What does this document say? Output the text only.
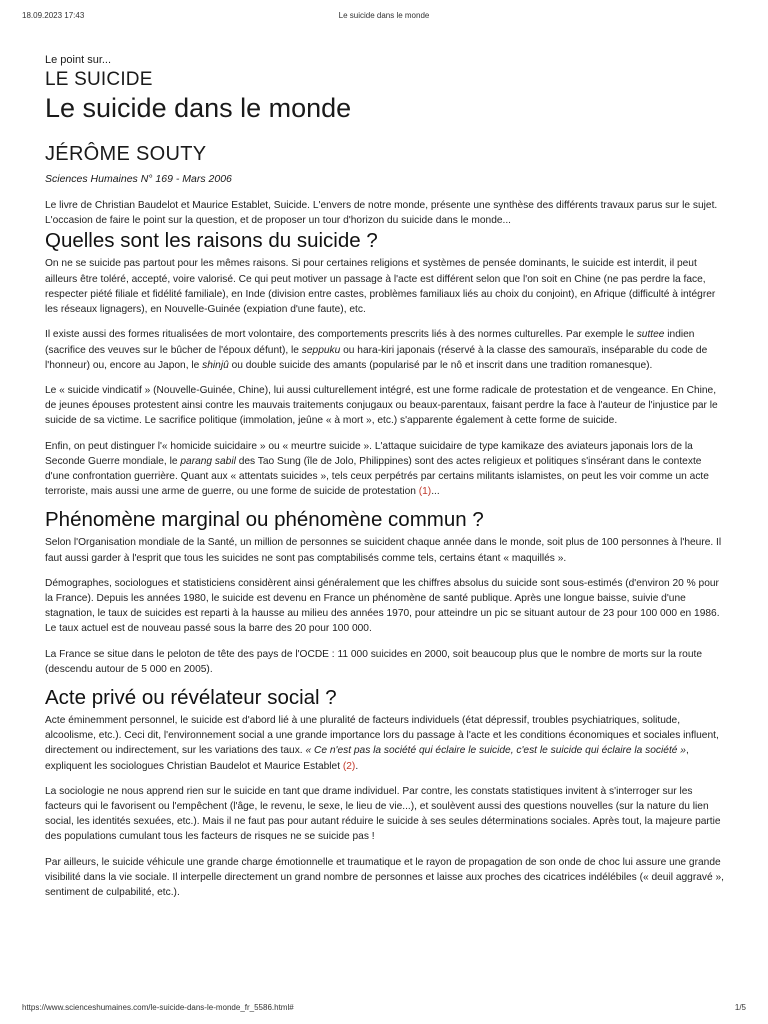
18.09.2023 17:43	Le suicide dans le monde
Le point sur...
LE SUICIDE
Le suicide dans le monde
JÉRÔME SOUTY
Sciences Humaines N° 169 - Mars 2006

Le livre de Christian Baudelot et Maurice Establet, Suicide. L'envers de notre monde, présente une synthèse des différents travaux parus sur le sujet. L'occasion de faire le point sur la question, et de proposer un tour d'horizon du suicide dans le monde...

Quelles sont les raisons du suicide ?

On ne se suicide pas partout pour les mêmes raisons. Si pour certaines religions et systèmes de pensée dominants, le suicide est interdit, il peut ailleurs être toléré, accepté, voire valorisé. Ce qui peut motiver un passage à l'acte est différent selon que l'on soit en Chine (ne pas perdre la face, respecter piété filiale et fidélité familiale), en Inde (division entre castes, problèmes familiaux liés au choix du conjoint), en Afrique (difficulté à intégrer les réseaux lignagers), en Nouvelle-Guinée (expiation d'une faute), etc.

Il existe aussi des formes ritualisées de mort volontaire, des comportements prescrits liés à des normes culturelles. Par exemple le suttee indien (sacrifice des veuves sur le bûcher de l'époux défunt), le seppuku ou hara-kiri japonais (réservé à la classe des samouraïs, inséparable du code de l'honneur) ou, encore au Japon, le shinjû ou double suicide des amants (popularisé par le nô et inscrit dans une tradition romanesque).

Le « suicide vindicatif » (Nouvelle-Guinée, Chine), lui aussi culturellement intégré, est une forme radicale de protestation et de vengeance. En Chine, de jeunes épouses protestent ainsi contre les mauvais traitements conjugaux ou beaux-parentaux, faisant perdre la face à l'auteur de l'injustice par le suicide de sa victime. Le sacrifice politique (immolation, jeûne « à mort », etc.) s'apparente également à cette forme de suicide.

Enfin, on peut distinguer l'« homicide suicidaire » ou « meurtre suicide ». L'attaque suicidaire de type kamikaze des aviateurs japonais lors de la Seconde Guerre mondiale, le parang sabil des Tao Sung (île de Jolo, Philippines) sont des actes religieux et politiques s'insérant dans le contexte d'une confrontation guerrière. Quant aux « attentats suicides », tels ceux perpétrés par certains militants islamistes, on peut les voir comme un acte terroriste, mais aussi une arme de guerre, ou une forme de suicide de protestation (1)...

Phénomène marginal ou phénomène commun ?

Selon l'Organisation mondiale de la Santé, un million de personnes se suicident chaque année dans le monde, soit plus de 100 personnes à l'heure. Il faut aussi garder à l'esprit que tous les suicides ne sont pas comptabilisés comme tels, certains étant « maquillés ».

Démographes, sociologues et statisticiens considèrent ainsi généralement que les chiffres absolus du suicide sont sous-estimés (d'environ 20 % pour la France). Depuis les années 1980, le suicide est devenu en France un phénomène de santé publique. Après une longue baisse, suivie d'une stagnation, le taux de suicides est reparti à la hausse au milieu des années 1970, pour atteindre un pic se situant autour de 23 pour 100 000 en 1986. Le taux actuel est de nouveau passé sous la barre des 20 pour 100 000.

La France se situe dans le peloton de tête des pays de l'OCDE : 11 000 suicides en 2000, soit beaucoup plus que le nombre de morts sur la route (descendu autour de 5 000 en 2005).

Acte privé ou révélateur social ?

Acte éminemment personnel, le suicide est d'abord lié à une pluralité de facteurs individuels (état dépressif, troubles psychiatriques, solitude, alcoolisme, etc.). Ceci dit, l'environnement social a une grande importance lors du passage à l'acte et les conditions économiques et sociales influent, directement ou indirectement, sur les variations des taux. « Ce n'est pas la société qui éclaire le suicide, c'est le suicide qui éclaire la société », expliquent les sociologues Christian Baudelot et Maurice Establet (2).

La sociologie ne nous apprend rien sur le suicide en tant que drame individuel. Par contre, les constats statistiques invitent à s'interroger sur les facteurs qui le favorisent ou l'empêchent (l'âge, le revenu, le sexe, le lieu de vie...), et soulèvent aussi des questions nouvelles (sur la nature du lien social, les identités sexuées, etc.). Mais il ne faut pas pour autant réduire le suicide à ses seules déterminations sociales. Après tout, la majeure partie des populations cumulant tous les facteurs de risques ne se suicide pas !

Par ailleurs, le suicide véhicule une grande charge émotionnelle et traumatique et le rayon de propagation de son onde de choc lui assure une grande visibilité dans la vie sociale. Il interpelle directement un grand nombre de personnes et laisse aux proches des cicatrices indélébiles (« deuil aggravé », sentiment de culpabilité, etc.).

https://www.scienceshumaines.com/le-suicide-dans-le-monde_fr_5586.html#	1/5
